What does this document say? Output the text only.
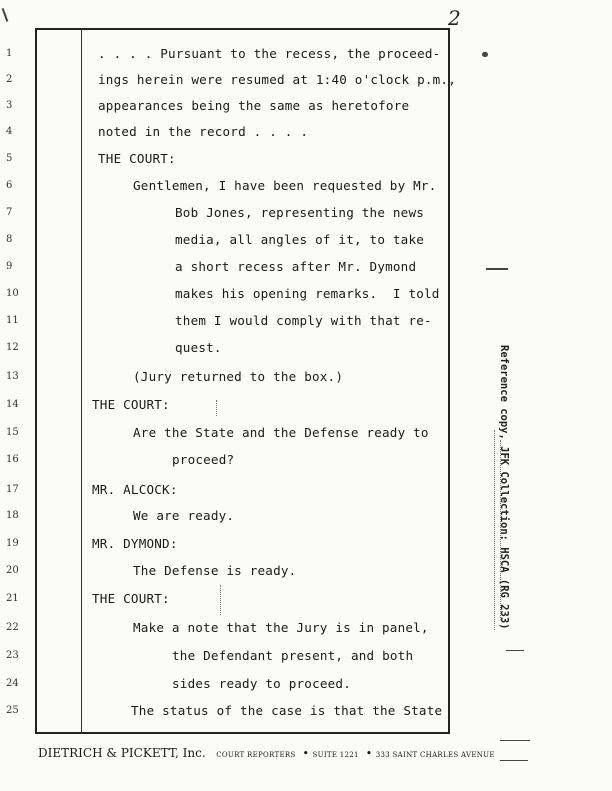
2
1
2
3
4
5
6
7
8
9
10
11
12
13
14
15
16
17
18
19
20
21
22
23
24
25
. . . . Pursuant to the recess, the proceed-
ings herein were resumed at 1:40 o'clock p.m.,
appearances being the same as heretofore
noted in the record . . . .
THE COURT:
Gentlemen, I have been requested by Mr.
Bob Jones, representing the news
media, all angles of it, to take
a short recess after Mr. Dymond
makes his opening remarks.  I told
them I would comply with that re-
quest.
(Jury returned to the box.)
THE COURT:
Are the State and the Defense ready to
proceed?
MR. ALCOCK:
We are ready.
MR. DYMOND:
The Defense is ready.
THE COURT:
Make a note that the Jury is in panel,
the Defendant present, and both
sides ready to proceed.
The status of the case is that the State
DIETRICH & PICKETT, Inc. COURT REPORTERS  • SUITE 1221  • 333 SAINT CHARLES AVENUE
Reference copy, JFK Collection: HSCA (RG 233)
